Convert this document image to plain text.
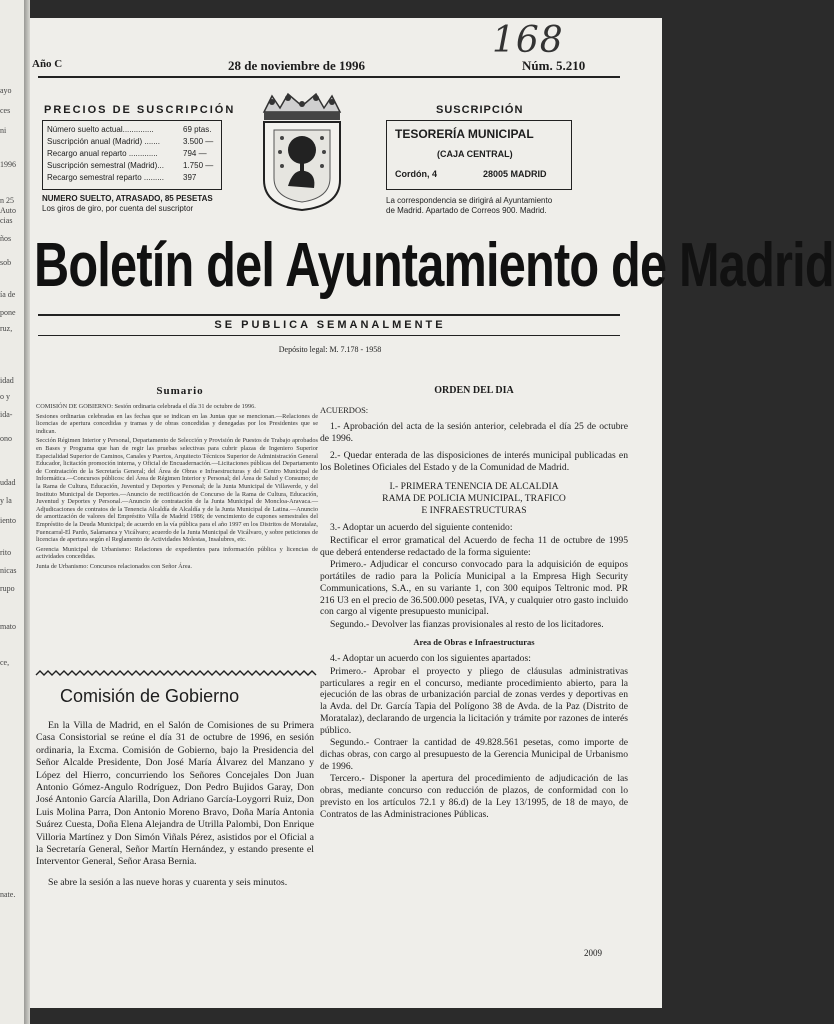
ayo
ces
ni
1996
n 25
Auto
cias
ños
sob
ía de
pone
ruz,
idad
o y
ida-
ono
udad
y la
iento
rito
nicas
rupo
mato
ce,
nate.
168
Año C	28 de noviembre de 1996	Núm. 5.210
PRECIOS DE SUSCRIPCIÓN
Número suelto actual..............	69 ptas.
Suscripción anual (Madrid) .......	3.500 —
Recargo anual reparto .............	794 —
Suscripción semestral (Madrid)... 1.750 —
Recargo semestral reparto ......... 397
NUMERO SUELTO, ATRASADO, 85 PESETAS
Los giros de giro, por cuenta del suscriptor
SUSCRIPCIÓN
TESORERÍA MUNICIPAL
(CAJA CENTRAL)
Cordón, 4	28005 MADRID
La correspondencia se dirigirá al Ayuntamiento
de Madrid. Apartado de Correos 900. Madrid.
Boletín del Ayuntamiento de Madrid
SE PUBLICA SEMANALMENTE
Depósito legal: M. 7.178 - 1958
Sumario

COMISIÓN DE GOBIERNO: Sesión ordinaria celebrada el día 31 de octubre de 1996.

Sesiones ordinarias celebradas en las fechas que se indican en las Juntas que se mencionan.—Relaciones de licencias de apertura concedidas y tramas y de obras concedidas y denegadas por los Presidentes que se indican.

Sección Régimen Interior y Personal, Departamento de Selección y Provisión de Puestos de Trabajo aprobados en Bases y Programa que han de regir las pruebas selectivas para cubrir plazas de Ingeniero Superior Especialidad Superior de Caminos, Canales y Puertos, Arquitecto Técnicos Superior de Administración General Educador, licitación promoción interna, y Oficial de Encuadernación.—Licitaciones públicas del Departamento de Contratación de la Secretaría General; del Área de Obras e Infraestructuras y del Centro Municipal de Informática.—Concursos públicos: del Área de Régimen Interior y Personal; del Área de Salud y Consumo; de la Rama de Cultura, Educación, Juventud y Deportes y Personal; de la Junta Municipal de Villaverde, y del Instituto Municipal de Deportes.—Anuncio de rectificación de Concurso de la Rama de Cultura, Educación, Juventud y Deportes y Personal.—Anuncio de contratación de la Junta Municipal de Moncloa-Aravaca.—Adjudicaciones de contratos de la Tenencia Alcaldía de Alcaldía y de la Junta Municipal de Latina.—Anuncio de amortización de valores del Empréstito Villa de Madrid 1986; de vencimiento de cupones semestrales del Empréstito de la Deuda Municipal; de acuerdo en la vía pública para el año 1997 en los Distritos de Moratalaz, Fuencarral-El Pardo, Salamanca y Vicálvaro; acuerdo de la Junta Municipal de Vicálvaro, y sobre peticiones de licencias de apertura según el Reglamento de Actividades Molestas, Insalubres, etc.

Gerencia Municipal de Urbanismo: Relaciones de expedientes para información pública y licencias de actividades concedidas.

Junta de Urbanismo: Concursos relacionados con Señor Área.

Comisión de Gobierno

En la Villa de Madrid, en el Salón de Comisiones de su Primera Casa Consistorial se reúne el día 31 de octubre de 1996, en sesión ordinaria, la Excma. Comisión de Gobierno, bajo la Presidencia del Señor Alcalde Presidente, Don José María Álvarez del Manzano y López del Hierro, concurriendo los Señores Concejales Don Juan Antonio Gómez-Angulo Rodríguez, Don Pedro Bujidos Garay, Don José Antonio García Alarilla, Don Adriano García-Loygorri Ruiz, Don Luis Molina Parra, Don Antonio Moreno Bravo, Doña María Antonia Suárez Cuesta, Doña Elena Alejandra de Utrilla Palombi, Don Enrique Villoria Martínez y Don Simón Viñals Pérez, asistidos por el Oficial a la Secretaría General, Señor Martín Hernández, y estando presente el Interventor General, Señor Arasa Bernia.

Se abre la sesión a las nueve horas y cuarenta y seis minutos.

ORDEN DEL DIA

ACUERDOS:

1.- Aprobación del acta de la sesión anterior, celebrada el día 25 de octubre de 1996.

2.- Quedar enterada de las disposiciones de interés municipal publicadas en los Boletines Oficiales del Estado y de la Comunidad de Madrid.

I.- PRIMERA TENENCIA DE ALCALDIA

RAMA DE POLICIA MUNICIPAL, TRAFICO

E INFRAESTRUCTURAS

3.- Adoptar un acuerdo del siguiente contenido:

Rectificar el error gramatical del Acuerdo de fecha 11 de octubre de 1995 que deberá entenderse redactado de la forma siguiente:

Primero.- Adjudicar el concurso convocado para la adquisición de equipos portátiles de radio para la Policía Municipal a la Empresa High Security Communications, S.A., en su variante 1, con 300 equipos Teltronic mod. PR 216 U3 en el precio de 36.500.000 pesetas, IVA, y cualquier otro gasto incluido con cargo al vigente presupuesto municipal.

Segundo.- Devolver las fianzas provisionales al resto de los licitadores.

Area de Obras e Infraestructuras

4.- Adoptar un acuerdo con los siguientes apartados:

Primero.- Aprobar el proyecto y pliego de cláusulas administrativas particulares a regir en el concurso, mediante procedimiento abierto, para la ejecución de las obras de urbanización parcial de zonas verdes y deportivas en la Avda. del Dr. García Tapia del Polígono 38 de Avda. de la Paz (Distrito de Moratalaz), declarando de urgencia la licitación y trámite por razones de interés público.

Segundo.- Contraer la cantidad de 49.828.561 pesetas, como importe de dichas obras, con cargo al presupuesto de la Gerencia Municipal de Urbanismo de 1996.

Tercero.- Disponer la apertura del procedimiento de adjudicación de las obras, mediante concurso con reducción de plazos, de conformidad con lo previsto en los artículos 72.1 y 86.d) de la Ley 13/1995, de 18 de mayo, de Contratos de las Administraciones Públicas.

2009
